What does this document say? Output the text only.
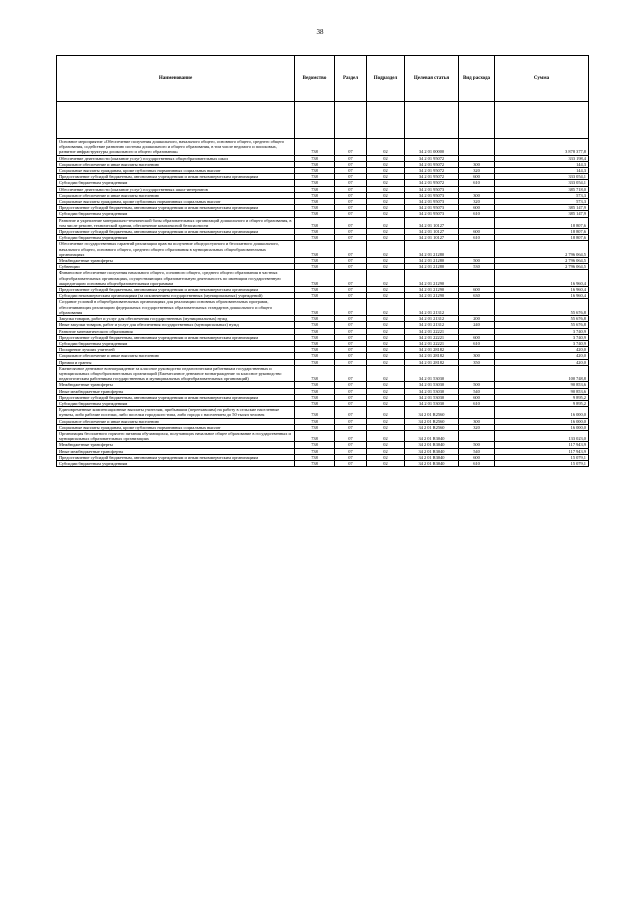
38
Наименование	Ведомство	Раздел	Подраздел	Целевая статья	Вид расхода	Сумма

Основное мероприятие «Обеспечение получения дошкольного, начального общего, основного общего, среднего общего образования, содействие развитию системы дошкольного и общего образования, в том числе ведомого и поисковых, развитие инфраструктуры дошкольного и общего образования»	738	07	02	34 2 01 00000		3 878 377,8
Обеспечение деятельности (оказание услуг) государственных общеобразовательных школ	738	07	02	34 2 01 95072		333 198,4
Социальное обеспечение и иные выплаты населению	738	07	02	34 2 01 95072	300	144,3
Социальные выплаты гражданам, кроме публичных нормативных социальных выплат	738	07	02	34 2 01 95072	320	144,3
Предоставление субсидий бюджетным, автономным учреждениям и иным некоммерческим организациям	738	07	02	34 2 01 95072	600	333 054,1
Субсидии бюджетным учреждениям	738	07	02	34 2 01 95072	610	333 054,1
Обеспечение деятельности (оказание услуг) государственных школ-интернатов	738	07	02	34 2 01 95073		385 718,0
Социальное обеспечение и иные выплаты населению	738	07	02	34 2 01 95073	300	573,3
Социальные выплаты гражданам, кроме публичных нормативных социальных выплат	738	07	02	34 2 01 95073	320	573,3
Предоставление субсидий бюджетным, автономным учреждениям и иным некоммерческим организациям	738	07	02	34 2 01 95073	600	385 147,9
Субсидии бюджетным учреждениям	738	07	02	34 2 01 95073	610	385 147,9
Развитие и укрепление материально-технической базы образовательных организаций дошкольного и общего образования, в том числе ремонт, технической здании, обеспечение комплексной безопасности	738	07	02	34 2 01 10127		18 807,6
Предоставление субсидий бюджетным, автономным учреждениям и иным некоммерческим организациям	738	07	02	34 2 01 10127	600	18 807,6
Субсидии бюджетным учреждениям	738	07	02	34 2 01 10127	610	18 807,6
Обеспечение государственных гарантий реализации прав на получение общедоступного и бесплатного дошкольного, начального общего, основного общего, среднего общего образования в муниципальных общеобразовательных организациях	738	07	02	34 2 01 21280		2 796 064,5
Межбюджетные трансферты	738	07	02	34 2 01 21280	500	2 796 064,5
Субвенции	738	07	02	34 2 01 21280	530	2 796 064,5
Финансовое обеспечение получения начального общего, основного общего, среднего общего образования в частных общеобразовательных организациях, осуществляющих образовательную деятельность по имеющим государственную аккредитацию основным общеобразовательным программам	738	07	02	34 2 01 21290		16 960,4
Предоставление субсидий бюджетным, автономным учреждениям и иным некоммерческим организациям	738	07	02	34 2 01 21290	600	16 960,4
Субсидии некоммерческим организациям (за исключением государственных (муниципальных) учреждений)	738	07	02	34 2 01 21290	630	16 960,4
Создание условий в общеобразовательных организациях для реализации основных образовательных программ, обеспечивающих реализацию федеральных государственных образовательных стандартов дошкольного и общего образования	738	07	02	34 2 01 21312		55 676,8
Закупка товаров, работ и услуг для обеспечения государственных (муниципальных) нужд	738	07	02	34 2 01 21312	200	55 676,8
Иные закупки товаров, работ и услуг для обеспечения государственных (муниципальных) нужд	738	07	02	34 2 01 21312	240	55 676,8
Развитие математического образования	738	07	02	34 2 01 22221		3 740,9
Предоставление субсидий бюджетным, автономным учреждениям и иным некоммерческим организациям	738	07	02	34 2 01 22221	600	3 740,9
Субсидии бюджетным учреждениям	738	07	02	34 2 01 22221	610	3 740,9
Поощрение лучших учителей	738	07	02	34 2 01 28182		420,0
Социальное обеспечение и иные выплаты населению	738	07	02	34 2 01 28182	300	420,0
Премии и гранты	738	07	02	34 2 01 28182	350	420,0
Ежемесячное денежное вознаграждение за классное руководство педагогическим работникам государственных и муниципальных общеобразовательных организаций (Ежемесячное денежное вознаграждение за классное руководство педагогическим работникам государственных и муниципальных общеобразовательных организаций)	738	07	02	34 2 01 53030		100 748,8
Межбюджетные трансферты	738	07	02	34 2 01 53030	500	90 853,6
Иные межбюджетные трансферты	738	07	02	34 2 01 53030	540	90 853,6
Предоставление субсидий бюджетным, автономным учреждениям и иным некоммерческим организациям	738	07	02	34 2 01 53030	600	9 895,2
Субсидии бюджетным учреждениям	738	07	02	34 2 01 53030	610	9 895,2
Единовременные компенсационные выплаты учителям, прибывшим (переехавшим) на работу в сельские населенные пункты, либо рабочие поселки, либо поселки городского типа, либо города с населением до 50 тысяч человек	738	07	02	34 2 01 R2560		16 000,0
Социальное обеспечение и иные выплаты населению	738	07	02	34 2 01 R2560	300	16 000,0
Социальные выплаты гражданам, кроме публичных нормативных социальных выплат	738	07	02	34 2 01 R2560	320	16 000,0
Организация бесплатного горячего питания обучающихся, получающих начальное общее образование в государственных и муниципальных образовательных организациях	738	07	02	34 2 01 R3040		133 023,0
Межбюджетные трансферты	738	07	02	34 2 01 R3040	500	117 943,9
Иные межбюджетные трансферты	738	07	02	34 2 01 R3040	540	117 943,9
Предоставление субсидий бюджетным, автономным учреждениям и иным некоммерческим организациям	738	07	02	34 2 01 R3040	600	15 079,1
Субсидии бюджетным учреждениям	738	07	02	34 2 01 R3040	610	15 079,1
